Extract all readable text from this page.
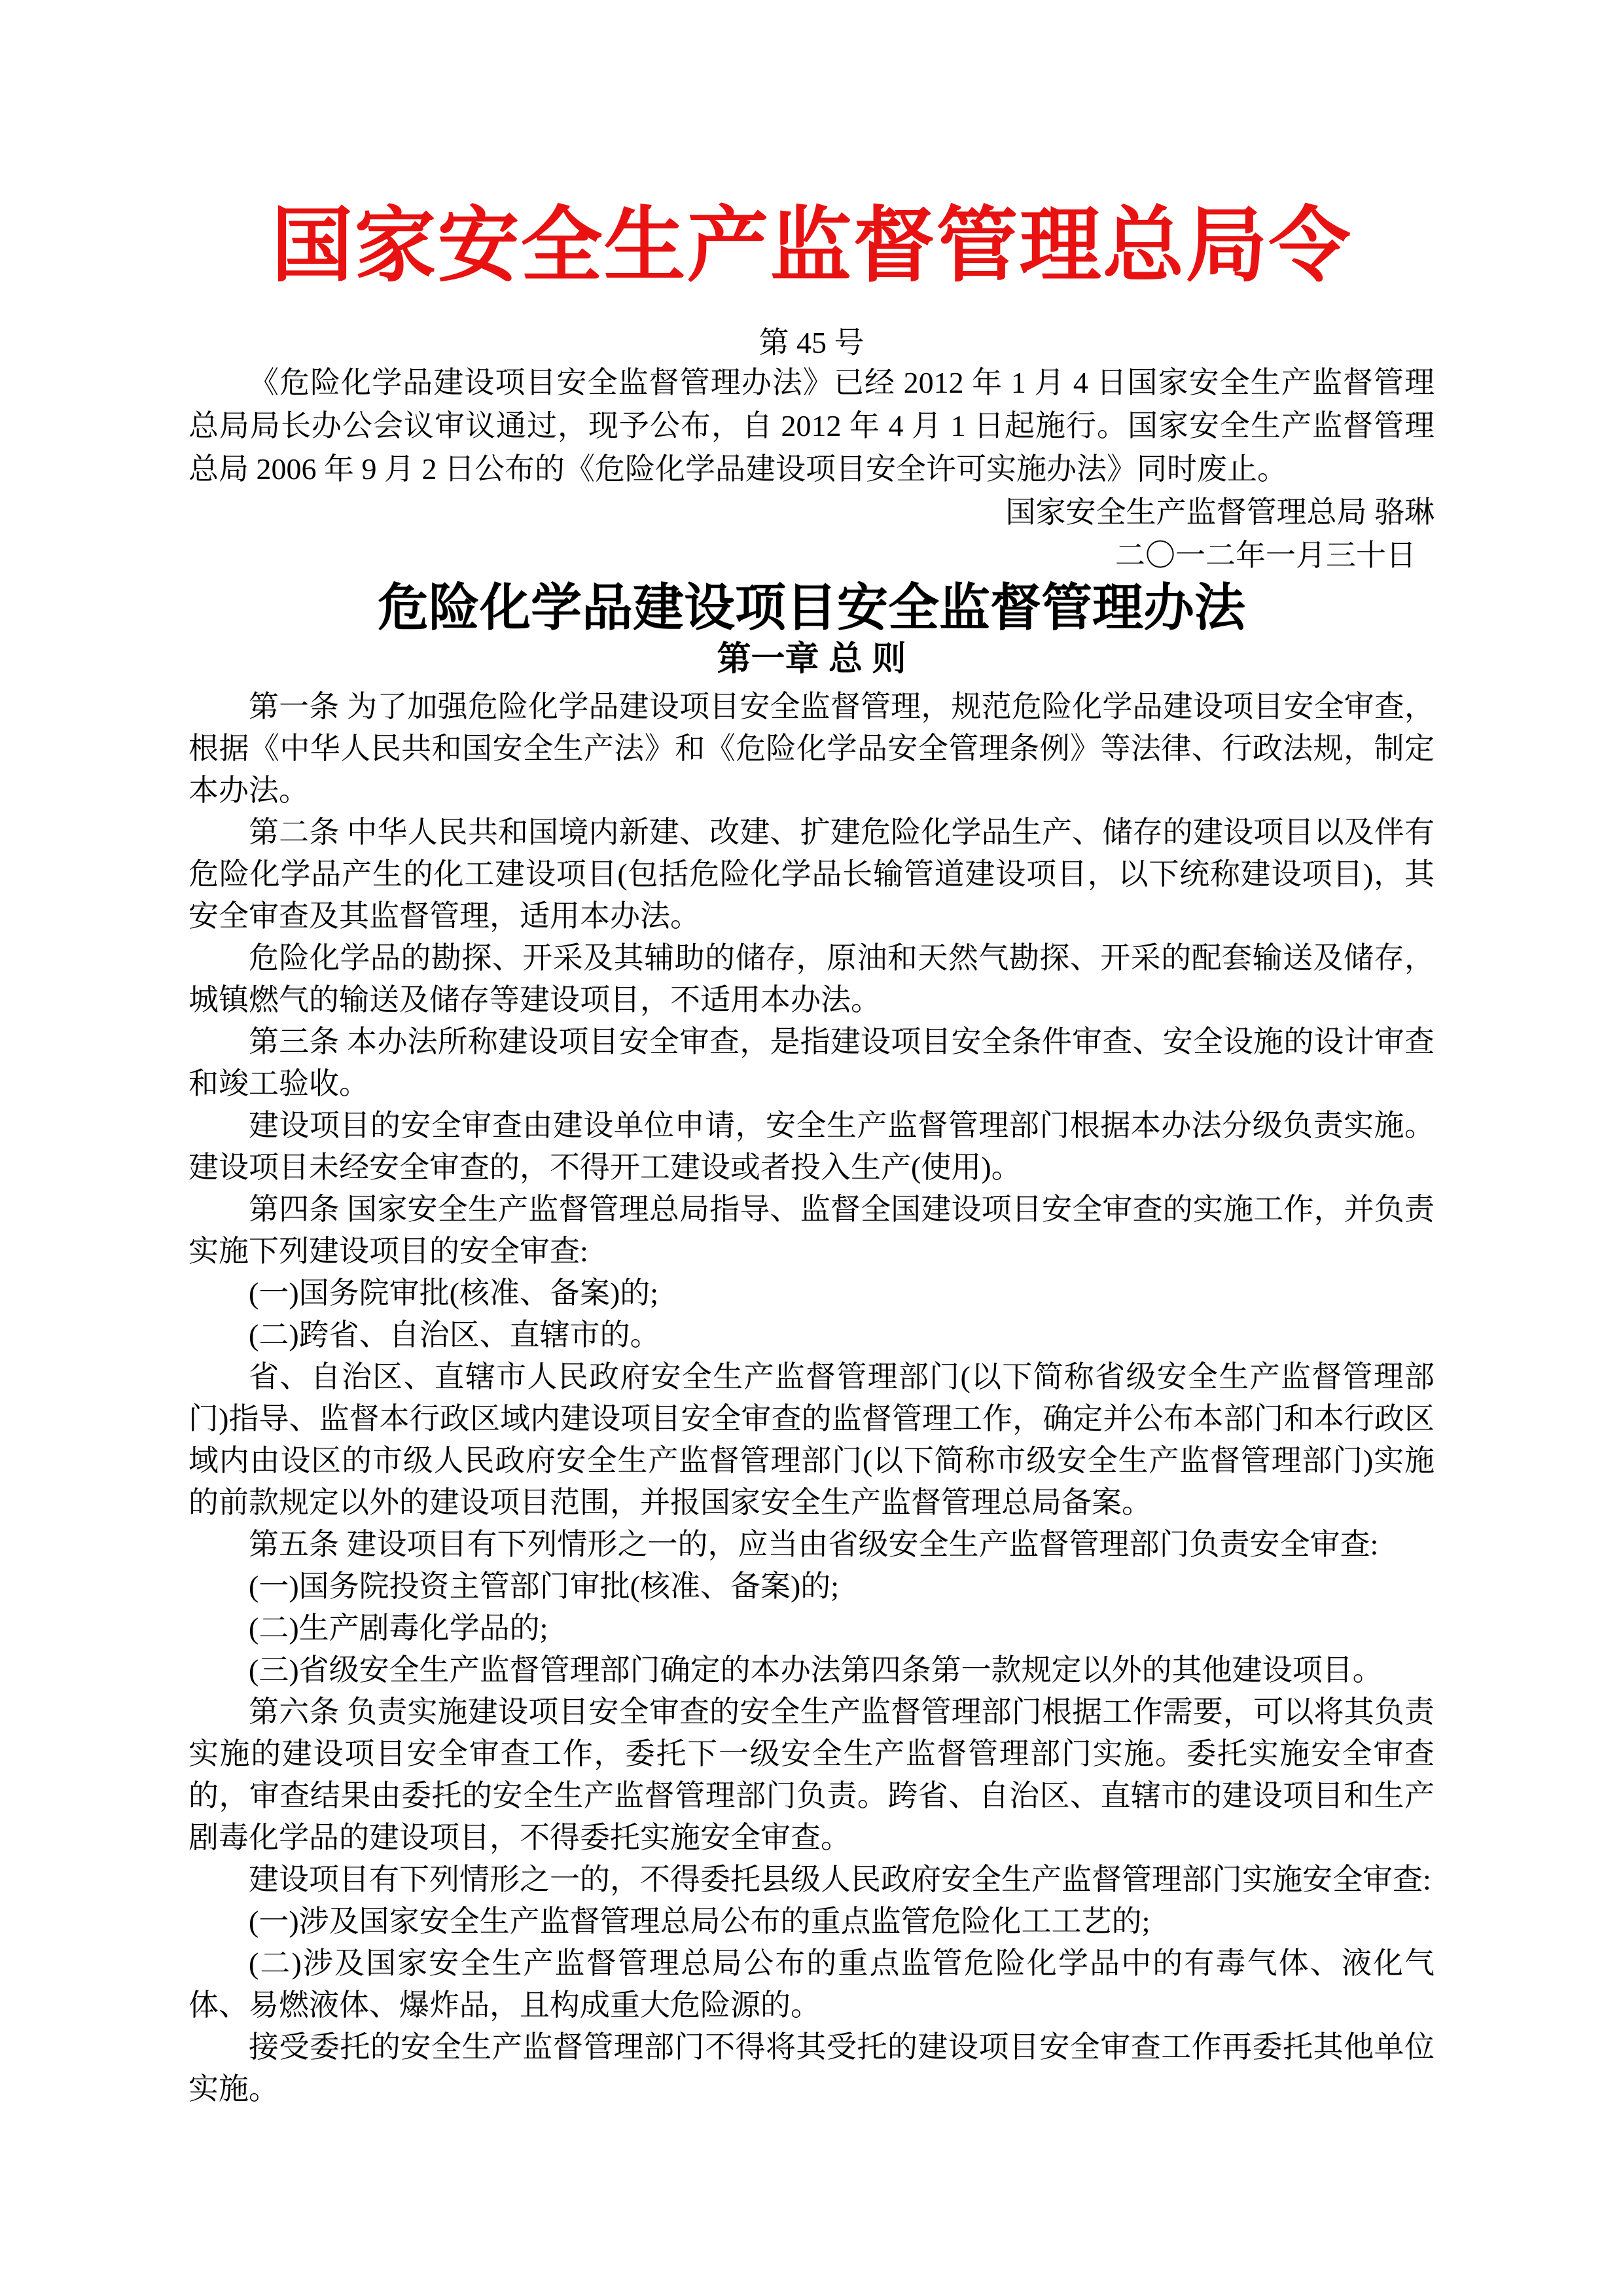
国家安全生产监督管理总局令
第 45 号

《危险化学品建设项目安全监督管理办法》已经 2012 年 1 月 4 日国家安全生产监督管理总局局长办公会议审议通过，现予公布，自 2012 年 4 月 1 日起施行。国家安全生产监督管理总局 2006 年 9 月 2 日公布的《危险化学品建设项目安全许可实施办法》同时废止。

国家安全生产监督管理总局 骆琳
二〇一二年一月三十日
危险化学品建设项目安全监督管理办法
第一章 总 则

第一条 为了加强危险化学品建设项目安全监督管理，规范危险化学品建设项目安全审查，根据《中华人民共和国安全生产法》和《危险化学品安全管理条例》等法律、行政法规，制定本办法。

第二条 中华人民共和国境内新建、改建、扩建危险化学品生产、储存的建设项目以及伴有危险化学品产生的化工建设项目(包括危险化学品长输管道建设项目，以下统称建设项目)，其安全审查及其监督管理，适用本办法。

危险化学品的勘探、开采及其辅助的储存，原油和天然气勘探、开采的配套输送及储存，城镇燃气的输送及储存等建设项目，不适用本办法。

第三条 本办法所称建设项目安全审查，是指建设项目安全条件审查、安全设施的设计审查和竣工验收。

建设项目的安全审查由建设单位申请，安全生产监督管理部门根据本办法分级负责实施。建设项目未经安全审查的，不得开工建设或者投入生产(使用)。

第四条 国家安全生产监督管理总局指导、监督全国建设项目安全审查的实施工作，并负责实施下列建设项目的安全审查:

(一)国务院审批(核准、备案)的;

(二)跨省、自治区、直辖市的。

省、自治区、直辖市人民政府安全生产监督管理部门(以下简称省级安全生产监督管理部门)指导、监督本行政区域内建设项目安全审查的监督管理工作，确定并公布本部门和本行政区域内由设区的市级人民政府安全生产监督管理部门(以下简称市级安全生产监督管理部门)实施的前款规定以外的建设项目范围，并报国家安全生产监督管理总局备案。

第五条 建设项目有下列情形之一的，应当由省级安全生产监督管理部门负责安全审查:

(一)国务院投资主管部门审批(核准、备案)的;

(二)生产剧毒化学品的;

(三)省级安全生产监督管理部门确定的本办法第四条第一款规定以外的其他建设项目。

第六条 负责实施建设项目安全审查的安全生产监督管理部门根据工作需要，可以将其负责实施的建设项目安全审查工作，委托下一级安全生产监督管理部门实施。委托实施安全审查的，审查结果由委托的安全生产监督管理部门负责。跨省、自治区、直辖市的建设项目和生产剧毒化学品的建设项目，不得委托实施安全审查。

建设项目有下列情形之一的，不得委托县级人民政府安全生产监督管理部门实施安全审查:

(一)涉及国家安全生产监督管理总局公布的重点监管危险化工工艺的;

(二)涉及国家安全生产监督管理总局公布的重点监管危险化学品中的有毒气体、液化气体、易燃液体、爆炸品，且构成重大危险源的。

接受委托的安全生产监督管理部门不得将其受托的建设项目安全审查工作再委托其他单位实施。
